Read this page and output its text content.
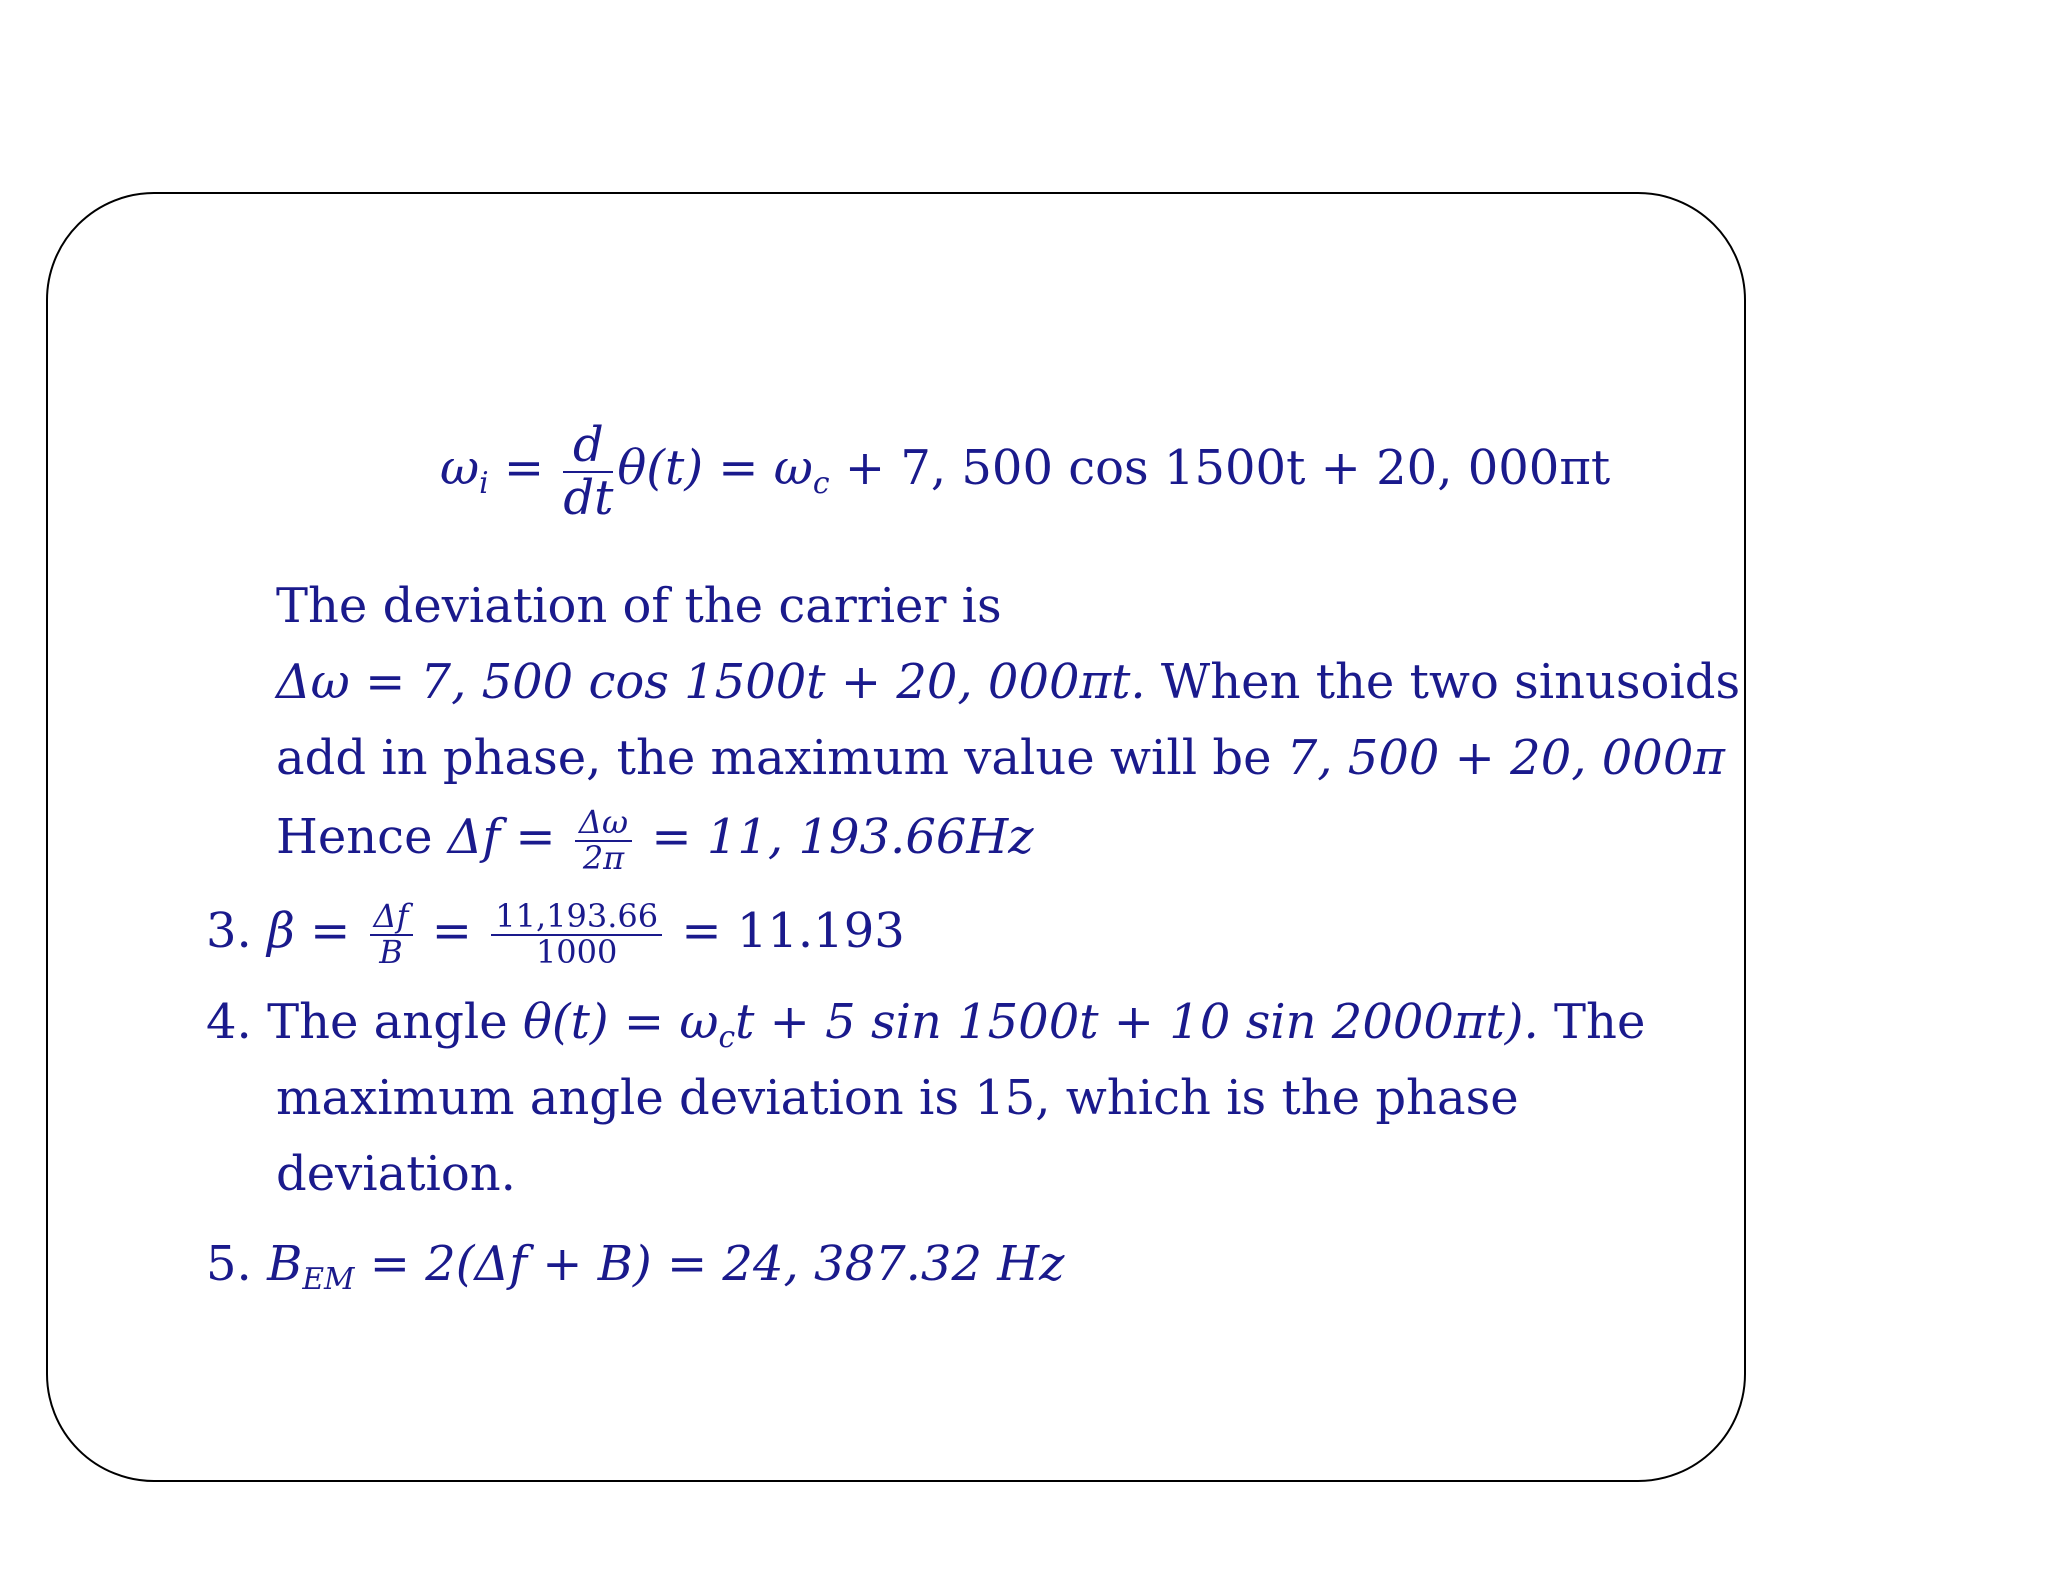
$\omega_i = \frac{d}{dt} \theta(t) = \omega_c + 7$, 500 cos 1500t + 20, 000πt
The deviation of the carrier is
Δω = 7, 500 cos 1500t + 20, 000πt. When the two sinusoids
add in phase, the maximum value will be 7, 500 + 20, 000π
Hence $\Delta f = \frac{\Delta\omega}{2\pi} = 11$, 193.66Hz
3. $\beta = \frac{\Delta f}{B} = \frac{11,193.66}{1000} = 11.193$
4. The angle $\theta(t) = \omega_ct + 5$ sin 1500t + 10 sin 2000πt). The
maximum angle deviation is 15, which is the phase
deviation.
5. $B_{EM} = 2(\Delta f + B) = 24$, 387.32 Hz
